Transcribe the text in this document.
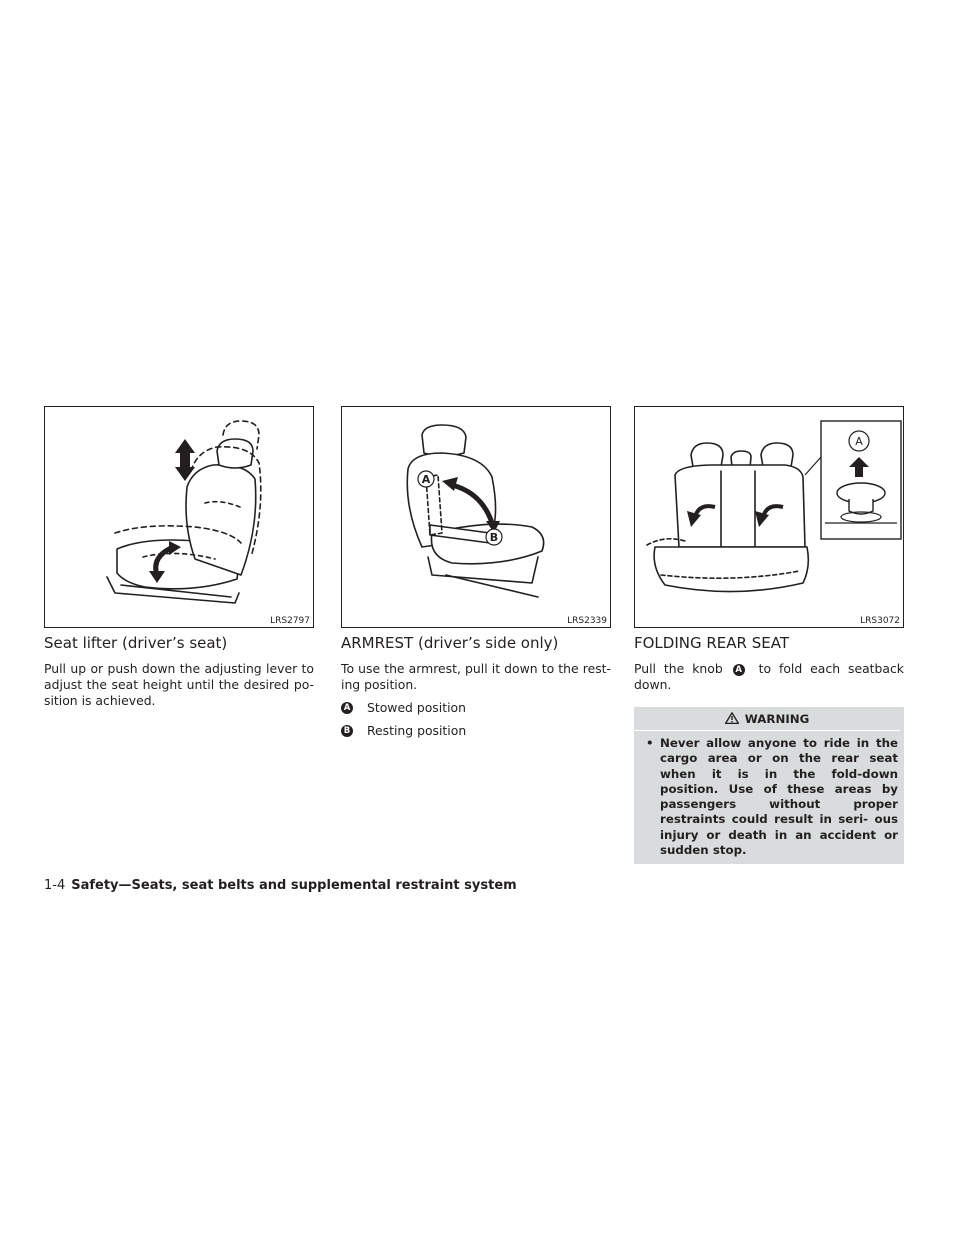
LRS2797
A
B
LRS2339
A
LRS3072
Seat lifter (driver’s seat)

Pull up or push down the adjusting lever to adjust the seat height until the desired po- sition is achieved.

ARMREST (driver’s side only)

To use the armrest, pull it down to the rest- ing position.

A Stowed position
B Resting position
FOLDING REAR SEAT

Pull the knob A to fold each seatback down.

WARNING
• Never allow anyone to ride in the cargo area or on the rear seat when it is in the fold-down position. Use of these areas by passengers without proper restraints could result in seri- ous injury or death in an accident or sudden stop.
1-4 Safety—Seats, seat belts and supplemental restraint system
